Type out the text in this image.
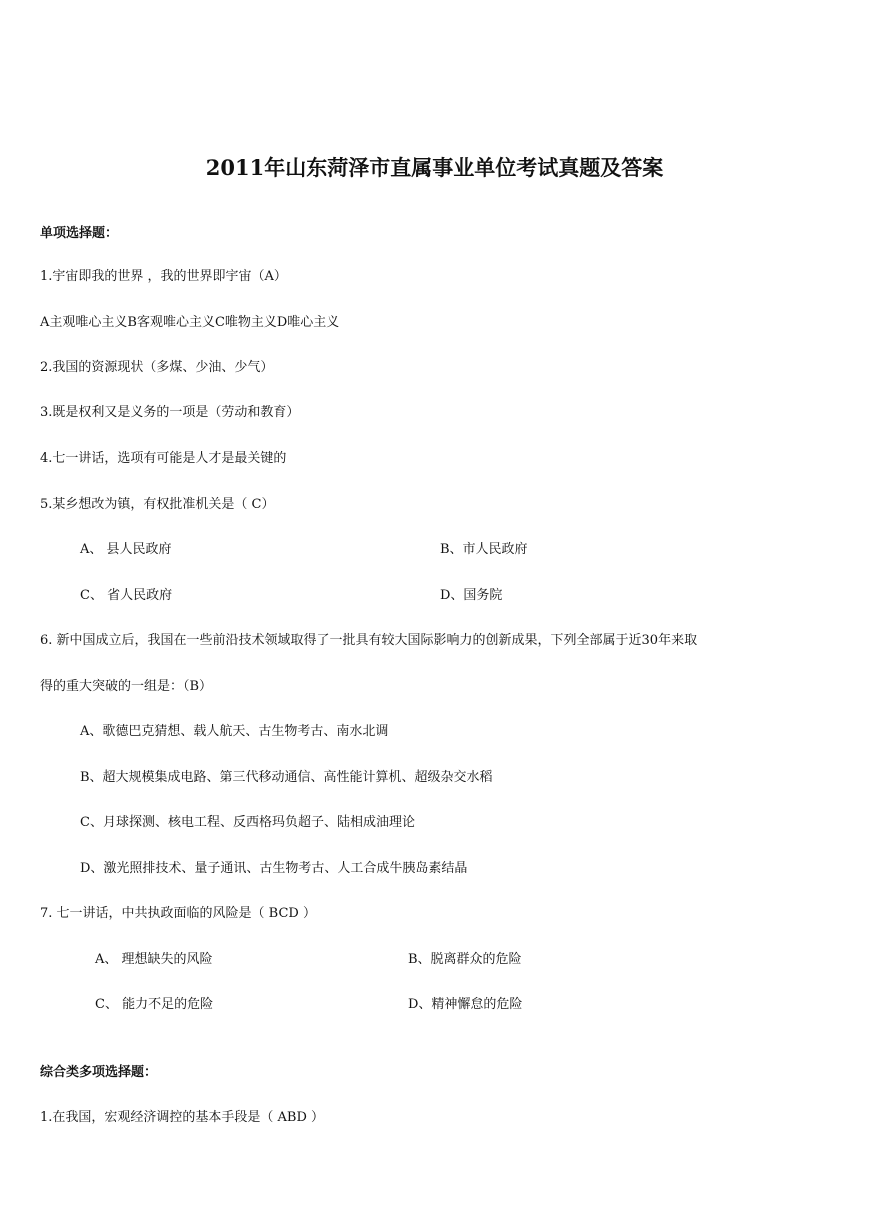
2011年山东菏泽市直属事业单位考试真题及答案
单项选择题：
1.宇宙即我的世界 ，我的世界即宇宙（A）
A主观唯心主义B客观唯心主义C唯物主义D唯心主义
2.我国的资源现状（多煤、少油、少气）
3.既是权利又是义务的一项是（劳动和教育）
4.七一讲话，选项有可能是人才是最关键的
5.某乡想改为镇，有权批准机关是（ C）
A、 县人民政府	B、市人民政府
C、 省人民政府	D、国务院
6. 新中国成立后，我国在一些前沿技术领域取得了一批具有较大国际影响力的创新成果，下列全部属于近30年来取
得的重大突破的一组是：（B）
A、歌德巴克猜想、载人航天、古生物考古、南水北调
B、超大规模集成电路、第三代移动通信、高性能计算机、超级杂交水稻
C、月球探测、核电工程、反西格玛负超子、陆相成油理论
D、激光照排技术、量子通讯、古生物考古、人工合成牛胰岛素结晶
7. 七一讲话，中共执政面临的风险是（ BCD ）
A、 理想缺失的风险	B、脱离群众的危险
C、 能力不足的危险	D、精神懈怠的危险
综合类多项选择题：
1.在我国，宏观经济调控的基本手段是（ ABD ）
